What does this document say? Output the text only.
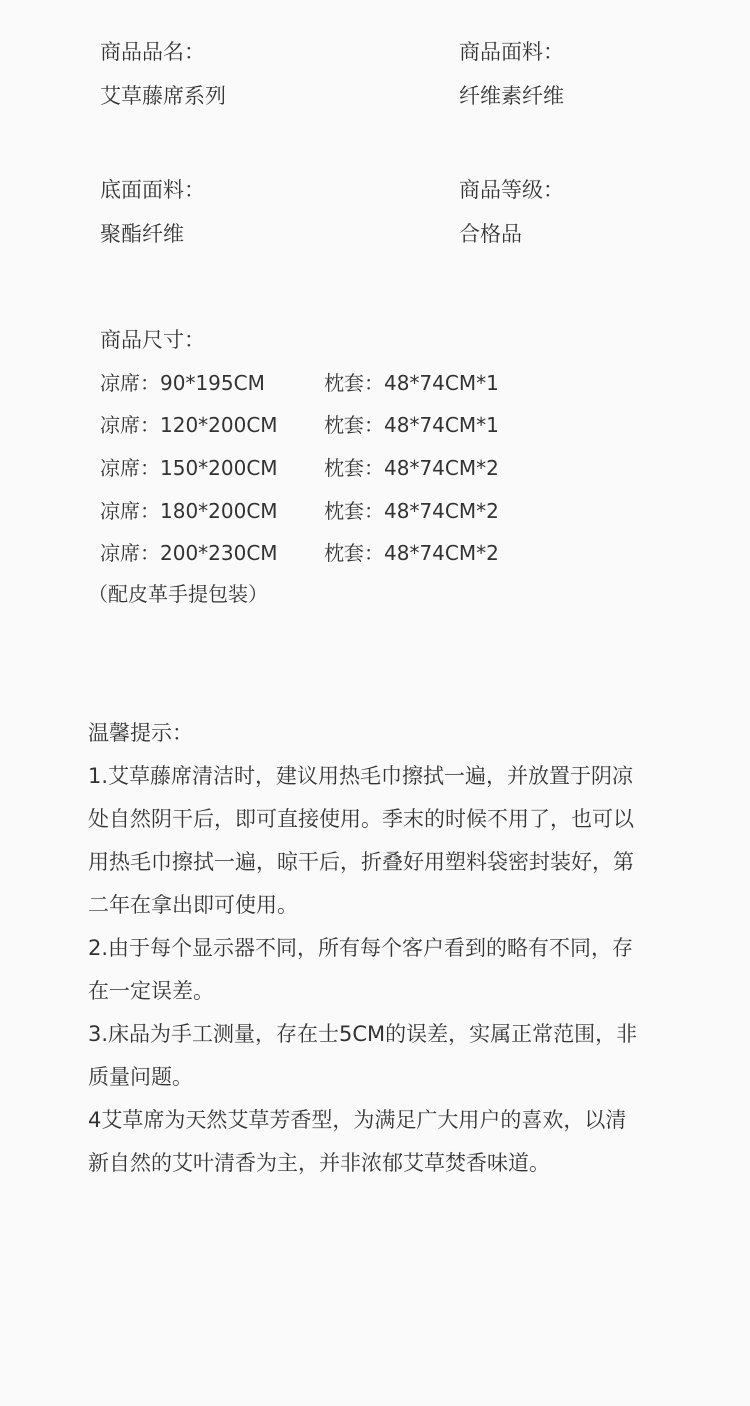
商品品名：
艾草藤席系列
商品面料：
纤维素纤维
底面面料：
聚酯纤维
商品等级：
合格品
商品尺寸：
凉席：90*195CM	枕套：48*74CM*1
凉席：120*200CM 枕套：48*74CM*1
凉席：150*200CM 枕套：48*74CM*2
凉席：180*200CM 枕套：48*74CM*2
凉席：200*230CM 枕套：48*74CM*2
（配皮革手提包装）
温馨提示：
1.艾草藤席清洁时，建议用热毛巾擦拭一遍，并放置于阴凉
处自然阴干后，即可直接使用。季末的时候不用了，也可以
用热毛巾擦拭一遍，晾干后，折叠好用塑料袋密封装好，第
二年在拿出即可使用。
2.由于每个显示器不同，所有每个客户看到的略有不同，存
在一定误差。
3.床品为手工测量，存在士5CM的误差，实属正常范围，非
质量问题。
4艾草席为天然艾草芳香型，为满足广大用户的喜欢，以清
新自然的艾叶清香为主，并非浓郁艾草焚香味道。
